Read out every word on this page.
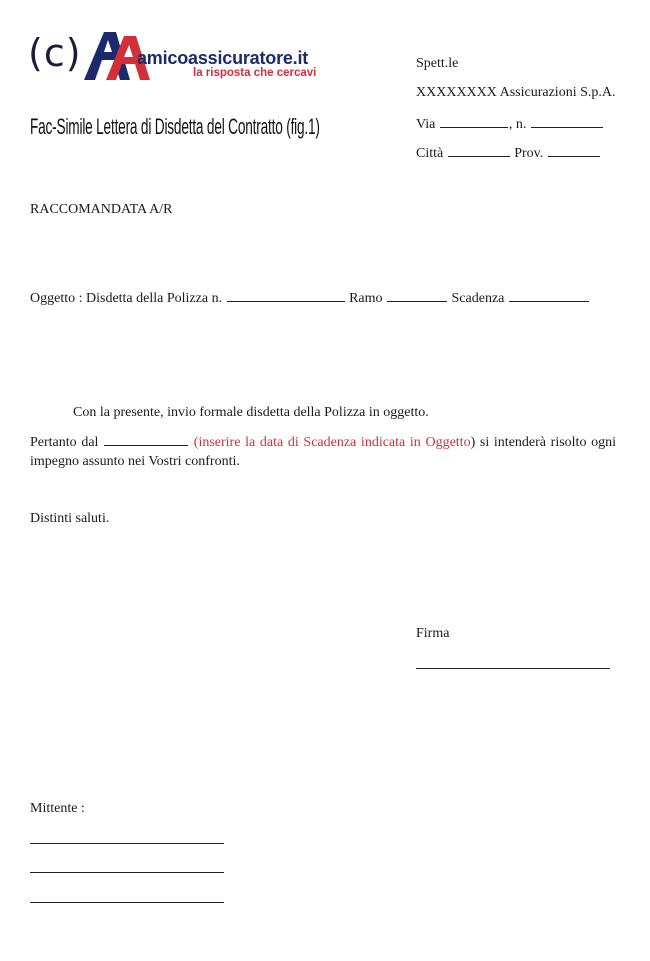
(c)	amicoassicuratore.it
la risposta che cercavi
Fac-Simile Lettera di Disdetta del Contratto (fig.1)
Spett.le
XXXXXXXX Assicurazioni S.p.A.
Via	, n.
Città	Prov.
RACCOMANDATA A/R
Oggetto : Disdetta della Polizza n.	Ramo	Scadenza
Con la presente, invio formale disdetta della Polizza in oggetto.
Pertanto dal	(inserire la data di Scadenza indicata in Oggetto) si intenderà risolto ogni impegno assunto nei Vostri confronti.
Distinti saluti.
Firma
Mittente :
